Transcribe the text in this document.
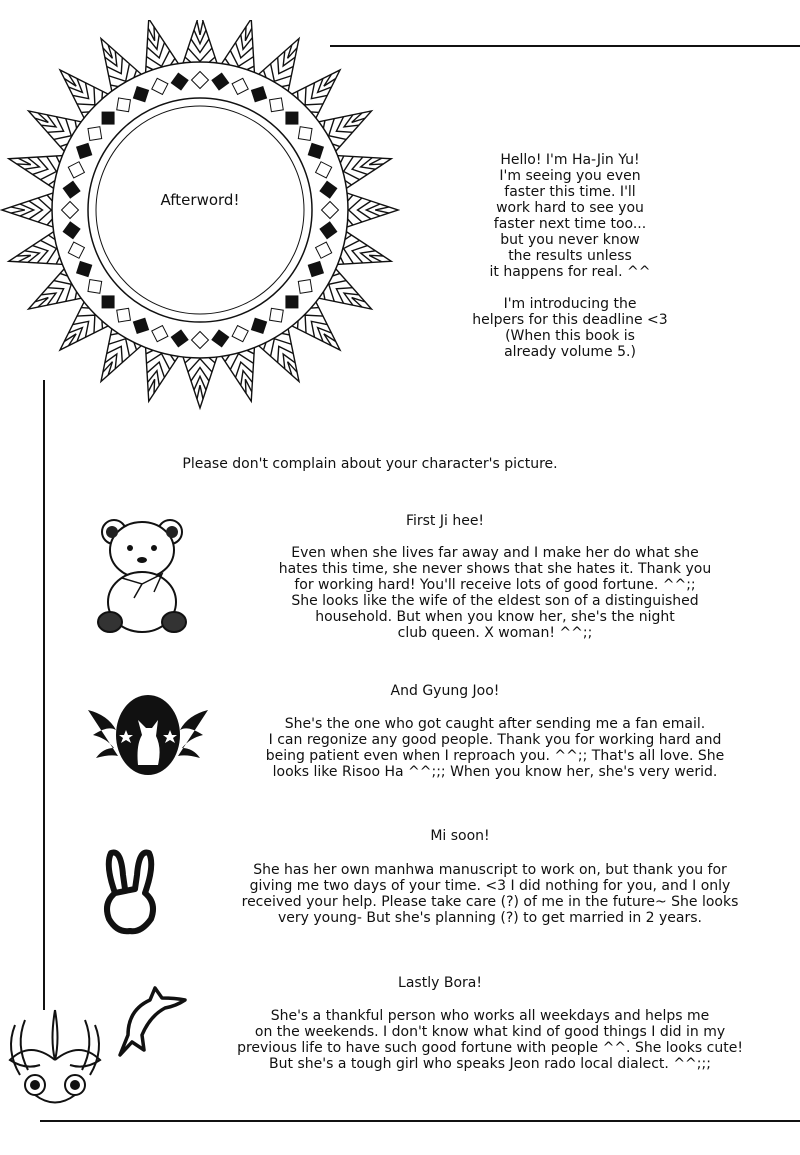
Afterword!
Hello! I'm Ha-Jin Yu!
I'm seeing you even
faster this time. I'll
work hard to see you
faster next time too...
but you never know
the results unless
it happens for real. ^^
I'm introducing the
helpers for this deadline <3
(When this book is
already volume 5.)
Please don't complain about your character's picture.
First Ji hee!
Even when she lives far away and I make her do what she
hates this time, she never shows that she hates it. Thank you
for working hard! You'll receive lots of good fortune. ^^;;
She looks like the wife of the eldest son of a distinguished
household. But when you know her, she's the night
club queen. X woman! ^^;;
And Gyung Joo!
She's the one who got caught after sending me a fan email.
I can regonize any good people. Thank you for working hard and
being patient even when I reproach you. ^^;; That's all love. She
looks like Risoo Ha ^^;;; When you know her, she's very werid.
Mi soon!
She has her own manhwa manuscript to work on, but thank you for
giving me two days of your time. <3 I did nothing for you, and I only
received your help. Please take care (?) of me in the future~ She looks
very young- But she's planning (?) to get married in 2 years.
Lastly Bora!
She's a thankful person who works all weekdays and helps me
on the weekends. I don't know what kind of good things I did in my
previous life to have such good fortune with people ^^. She looks cute!
But she's a tough girl who speaks Jeon rado local dialect. ^^;;;
